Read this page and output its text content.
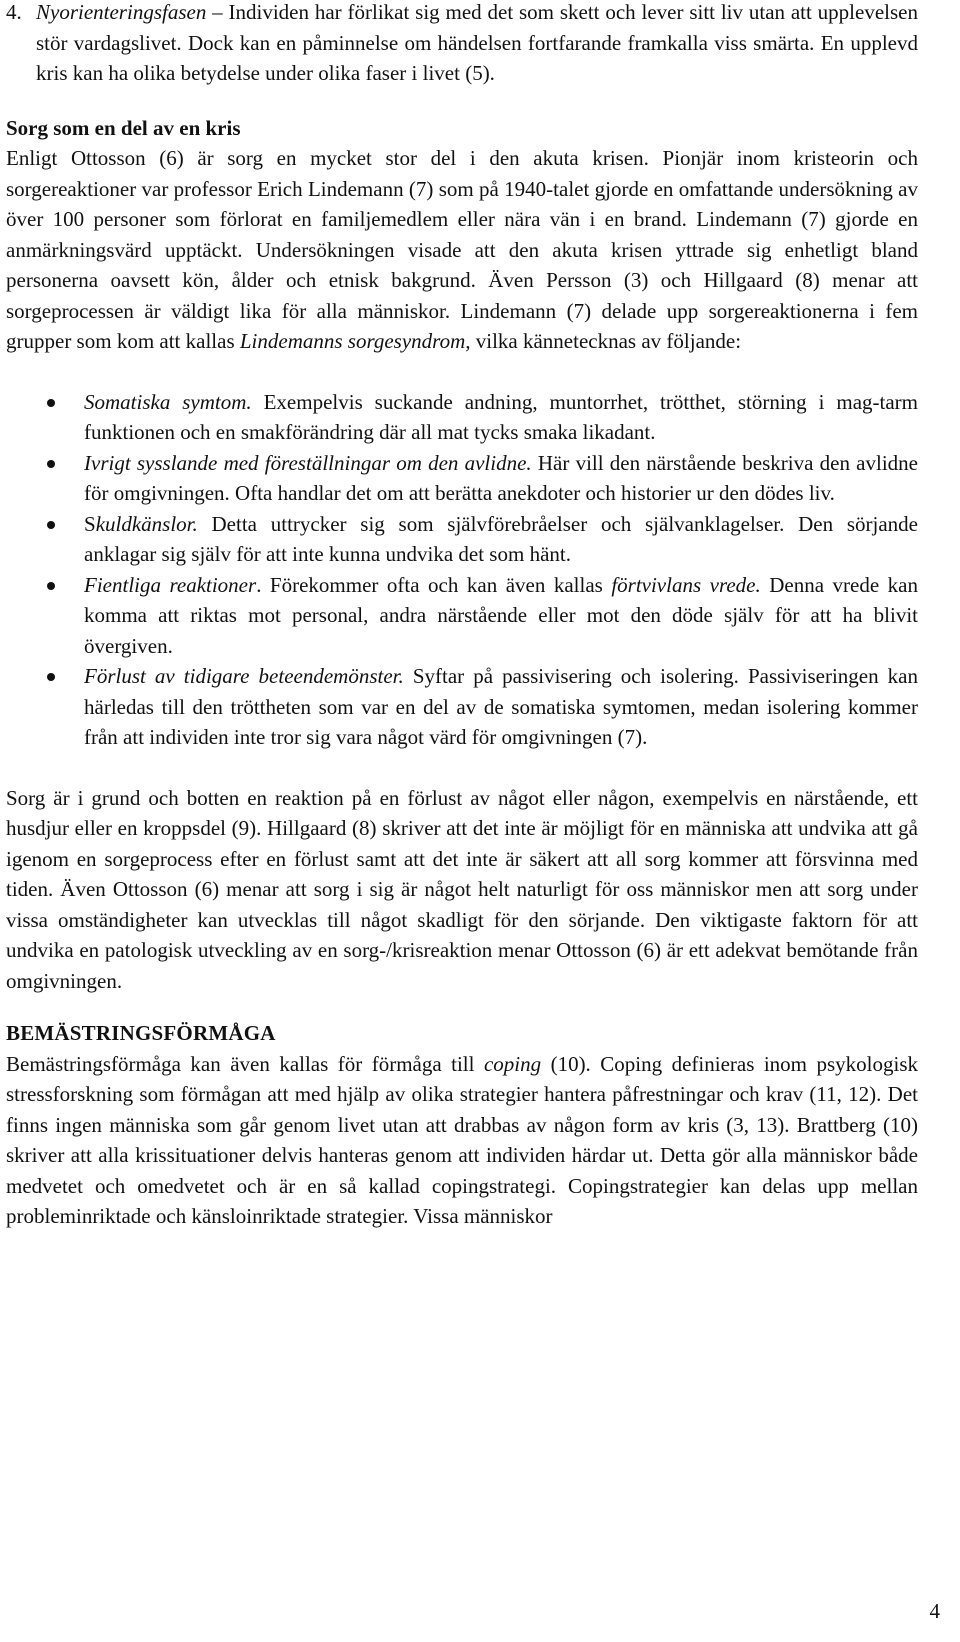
4. Nyorienteringsfasen – Individen har förlikat sig med det som skett och lever sitt liv utan att upplevelsen stör vardagslivet. Dock kan en påminnelse om händelsen fortfarande framkalla viss smärta. En upplevd kris kan ha olika betydelse under olika faser i livet (5).

Sorg som en del av en kris

Enligt Ottosson (6) är sorg en mycket stor del i den akuta krisen. Pionjär inom kristeorin och sorgereaktioner var professor Erich Lindemann (7) som på 1940-talet gjorde en omfattande undersökning av över 100 personer som förlorat en familjemedlem eller nära vän i en brand. Lindemann (7) gjorde en anmärkningsvärd upptäckt. Undersökningen visade att den akuta krisen yttrade sig enhetligt bland personerna oavsett kön, ålder och etnisk bakgrund. Även Persson (3) och Hillgaard (8) menar att sorgeprocessen är väldigt lika för alla människor. Lindemann (7) delade upp sorgereaktionerna i fem grupper som kom att kallas Lindemanns sorgesyndrom, vilka kännetecknas av följande:

Somatiska symtom. Exempelvis suckande andning, muntorrhet, trötthet, störning i mag-tarm funktionen och en smakförändring där all mat tycks smaka likadant.
Ivrigt sysslande med föreställningar om den avlidne. Här vill den närstående beskriva den avlidne för omgivningen. Ofta handlar det om att berätta anekdoter och historier ur den dödes liv.
Skuldkänslor. Detta uttrycker sig som självförebråelser och självanklagelser. Den sörjande anklagar sig själv för att inte kunna undvika det som hänt.
Fientliga reaktioner. Förekommer ofta och kan även kallas förtvivlans vrede. Denna vrede kan komma att riktas mot personal, andra närstående eller mot den döde själv för att ha blivit övergiven.
Förlust av tidigare beteendemönster. Syftar på passivisering och isolering. Passiviseringen kan härledas till den tröttheten som var en del av de somatiska symtomen, medan isolering kommer från att individen inte tror sig vara något värd för omgivningen (7).

Sorg är i grund och botten en reaktion på en förlust av något eller någon, exempelvis en närstående, ett husdjur eller en kroppsdel (9). Hillgaard (8) skriver att det inte är möjligt för en människa att undvika att gå igenom en sorgeprocess efter en förlust samt att det inte är säkert att all sorg kommer att försvinna med tiden. Även Ottosson (6) menar att sorg i sig är något helt naturligt för oss människor men att sorg under vissa omständigheter kan utvecklas till något skadligt för den sörjande. Den viktigaste faktorn för att undvika en patologisk utveckling av en sorg-/krisreaktion menar Ottosson (6) är ett adekvat bemötande från omgivningen.

BEMÄSTRINGSFÖRMÅGA

Bemästringsförmåga kan även kallas för förmåga till coping (10). Coping definieras inom psykologisk stressforskning som förmågan att med hjälp av olika strategier hantera påfrestningar och krav (11, 12). Det finns ingen människa som går genom livet utan att drabbas av någon form av kris (3, 13). Brattberg (10) skriver att alla krissituationer delvis hanteras genom att individen härdar ut. Detta gör alla människor både medvetet och omedvetet och är en så kallad copingstrategi. Copingstrategier kan delas upp mellan probleminriktade och känsloinriktade strategier. Vissa människor

4
